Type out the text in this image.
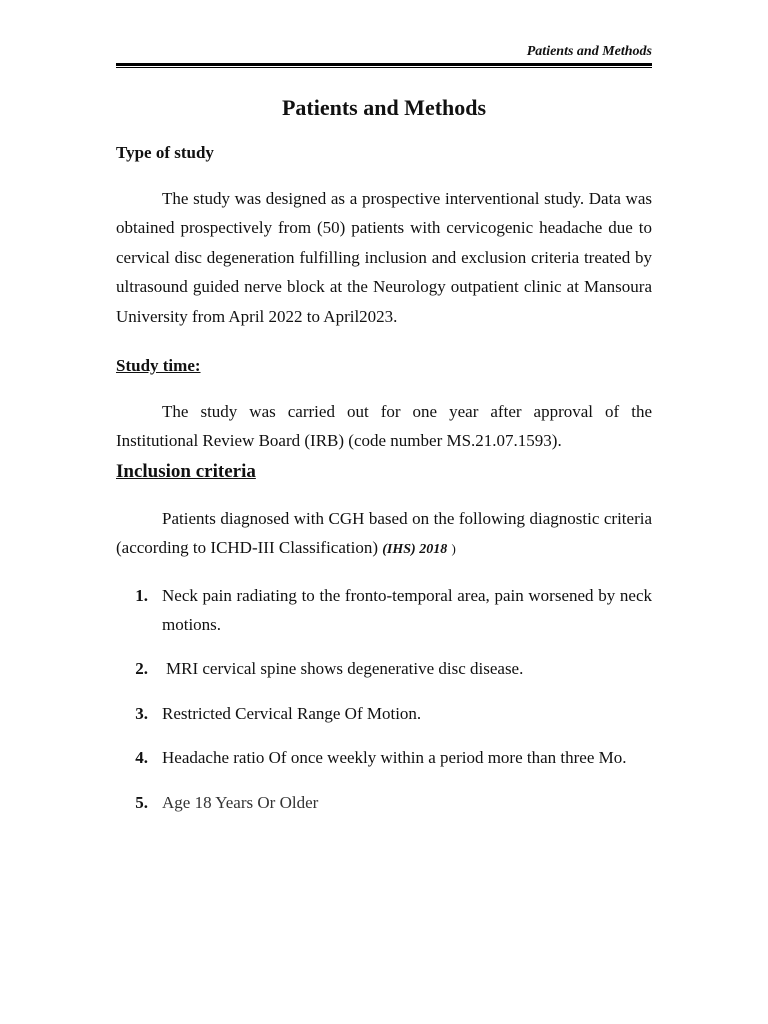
Patients and Methods
Patients and Methods
Type of study

The study was designed as a prospective interventional study. Data was obtained prospectively from (50) patients with cervicogenic headache due to cervical disc degeneration fulfilling inclusion and exclusion criteria treated by ultrasound guided nerve block at the Neurology outpatient clinic at Mansoura University from April 2022 to April2023.

Study time:

The study was carried out for one year after approval of the Institutional Review Board (IRB) (code number MS.21.07.1593).

Inclusion criteria

Patients diagnosed with CGH based on the following diagnostic criteria (according to ICHD-III Classification) (IHS) 2018 )

1. Neck pain radiating to the fronto-temporal area, pain worsened by neck motions.
2.	MRI cervical spine shows degenerative disc disease.
3. Restricted Cervical Range Of Motion.
4. Headache ratio Of once weekly within a period more than three Mo.
5. Age 18 Years Or Older
